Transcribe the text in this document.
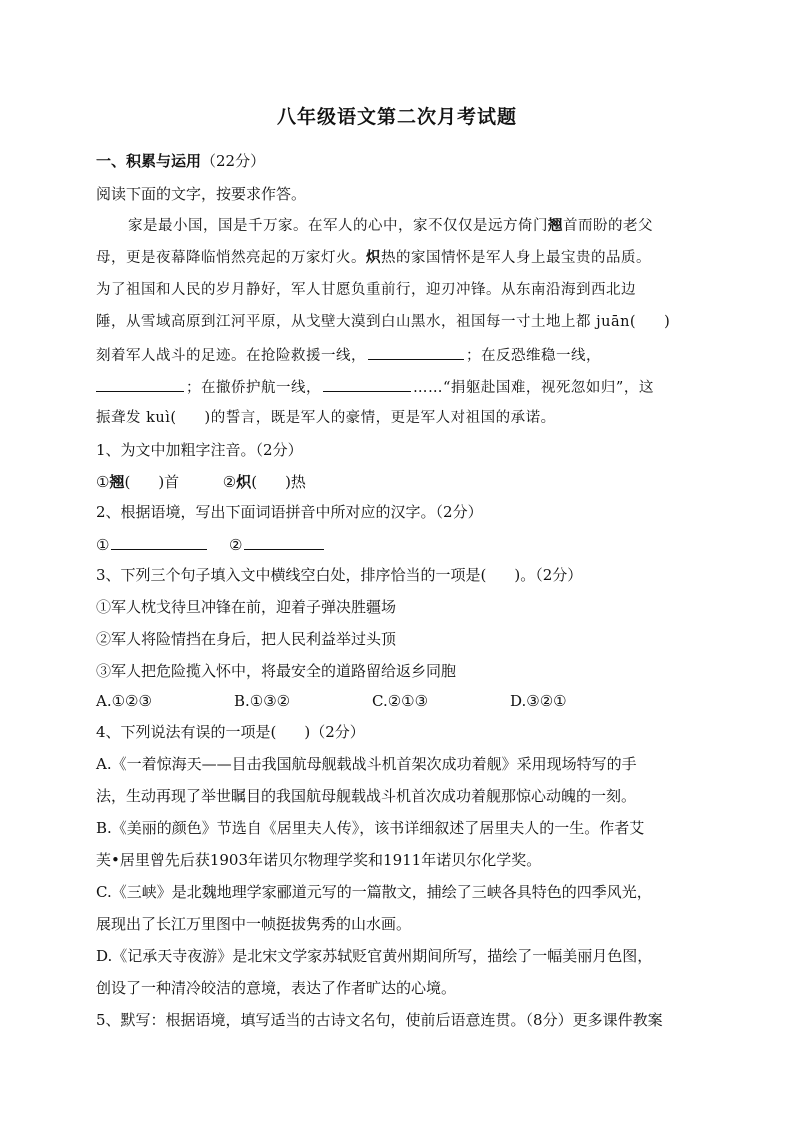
八年级语文第二次月考试题
一、积累与运用（22分）
阅读下面的文字，按要求作答。
家是最小国，国是千万家。在军人的心中，家不仅仅是远方倚门翘首而盼的老父
母，更是夜幕降临悄然亮起的万家灯火。炽热的家国情怀是军人身上最宝贵的品质。
为了祖国和人民的岁月静好，军人甘愿负重前行，迎刃冲锋。从东南沿海到西北边
陲，从雪域高原到江河平原，从戈壁大漠到白山黑水，祖国每一寸土地上都 juān( )
刻着军人战斗的足迹。在抢险救援一线，	；在反恐维稳一线，
；在撤侨护航一线，	……“捐躯赴国难，视死忽如归”，这
振聋发 kuì( )的誓言，既是军人的豪情，更是军人对祖国的承诺。
1、为文中加粗字注音。（2分）
①翘( )首	②炽( )热
2、根据语境，写出下面词语拼音中所对应的汉字。（2分）
①	②
3、下列三个句子填入文中横线空白处，排序恰当的一项是( )。（2分）
①军人枕戈待旦冲锋在前，迎着子弹决胜疆场
②军人将险情挡在身后，把人民利益举过头顶
③军人把危险揽入怀中，将最安全的道路留给返乡同胞
A.①②③	B.①③②	C.②①③	D.③②①
4、下列说法有误的一项是( )（2分）
A.《一着惊海天——目击我国航母舰载战斗机首架次成功着舰》采用现场特写的手
法，生动再现了举世瞩目的我国航母舰载战斗机首次成功着舰那惊心动魄的一刻。
B.《美丽的颜色》节选自《居里夫人传》，该书详细叙述了居里夫人的一生。作者艾
芙•居里曾先后获1903年诺贝尔物理学奖和1911年诺贝尔化学奖。
C.《三峡》是北魏地理学家郦道元写的一篇散文，捕绘了三峡各具特色的四季风光，
展现出了长江万里图中一帧挺拔隽秀的山水画。
D.《记承天寺夜游》是北宋文学家苏轼贬官黄州期间所写，描绘了一幅美丽月色图，
创设了一种清冷皎洁的意境，表达了作者旷达的心境。
5、默写：根据语境，填写适当的古诗文名句，使前后语意连贯。（8分）更多课件教案
